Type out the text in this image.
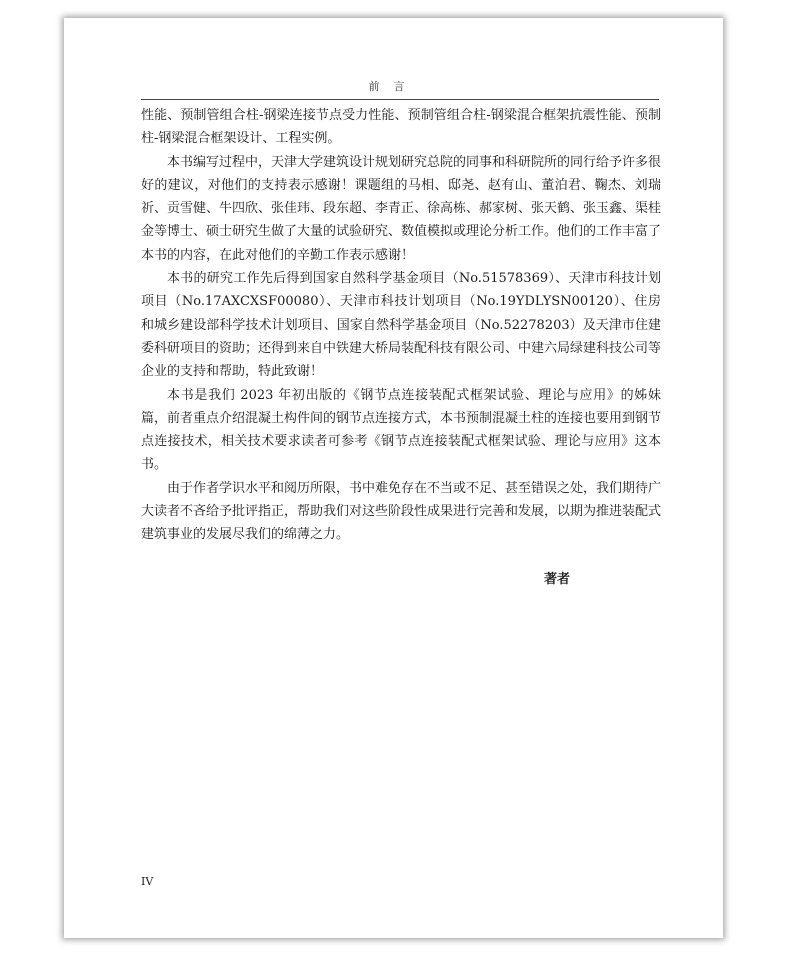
前言

性能、预制管组合柱-钢梁连接节点受力性能、预制管组合柱-钢梁混合框架抗震性能、预制柱-钢梁混合框架设计、工程实例。

本书编写过程中，天津大学建筑设计规划研究总院的同事和科研院所的同行给予许多很好的建议，对他们的支持表示感谢！课题组的马相、邸尧、赵有山、董泊君、鞠杰、刘瑞祈、贡雪健、牛四欣、张佳玮、段东超、李青正、徐高栋、郝家树、张天鹤、张玉鑫、渠桂金等博士、硕士研究生做了大量的试验研究、数值模拟或理论分析工作。他们的工作丰富了本书的内容，在此对他们的辛勤工作表示感谢！

本书的研究工作先后得到国家自然科学基金项目（No.51578369）、天津市科技计划项目（No.17AXCXSF00080）、天津市科技计划项目（No.19YDLYSN00120）、住房和城乡建设部科学技术计划项目、国家自然科学基金项目（No.52278203）及天津市住建委科研项目的资助；还得到来自中铁建大桥局装配科技有限公司、中建六局绿建科技公司等企业的支持和帮助，特此致谢！

本书是我们 2023 年初出版的《钢节点连接装配式框架试验、理论与应用》的姊妹篇，前者重点介绍混凝土构件间的钢节点连接方式，本书预制混凝土柱的连接也要用到钢节点连接技术，相关技术要求读者可参考《钢节点连接装配式框架试验、理论与应用》这本书。

由于作者学识水平和阅历所限，书中难免存在不当或不足、甚至错误之处，我们期待广大读者不吝给予批评指正，帮助我们对这些阶段性成果进行完善和发展，以期为推进装配式建筑事业的发展尽我们的绵薄之力。

著者
IV
